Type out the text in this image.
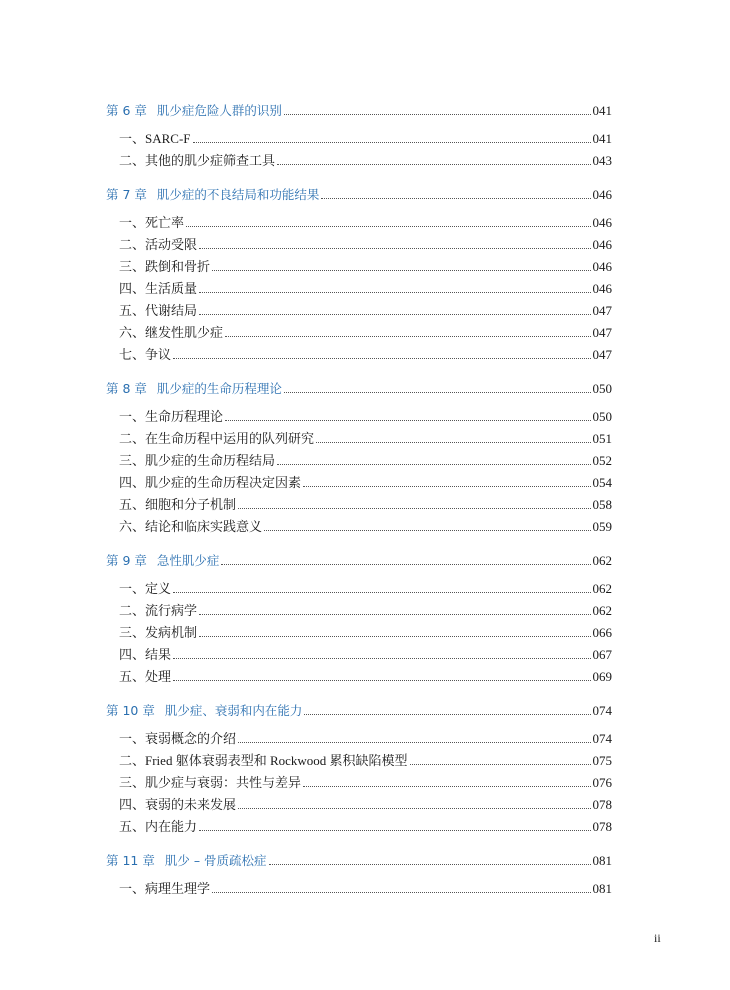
第 6 章 肌少症危险人群的识别	041
一、SARC-F	041
二、其他的肌少症筛查工具	043
第 7 章 肌少症的不良结局和功能结果	046
一、死亡率	046
二、活动受限	046
三、跌倒和骨折	046
四、生活质量	046
五、代谢结局	047
六、继发性肌少症	047
七、争议	047
第 8 章 肌少症的生命历程理论	050
一、生命历程理论	050
二、在生命历程中运用的队列研究	051
三、肌少症的生命历程结局	052
四、肌少症的生命历程决定因素	054
五、细胞和分子机制	058
六、结论和临床实践意义	059
第 9 章 急性肌少症	062
一、定义	062
二、流行病学	062
三、发病机制	066
四、结果	067
五、处理	069
第 10 章 肌少症、衰弱和内在能力	074
一、衰弱概念的介绍	074
二、Fried 躯体衰弱表型和 Rockwood 累积缺陷模型	075
三、肌少症与衰弱：共性与差异	076
四、衰弱的未来发展	078
五、内在能力	078
第 11 章 肌少 – 骨质疏松症	081
一、病理生理学	081
ii
